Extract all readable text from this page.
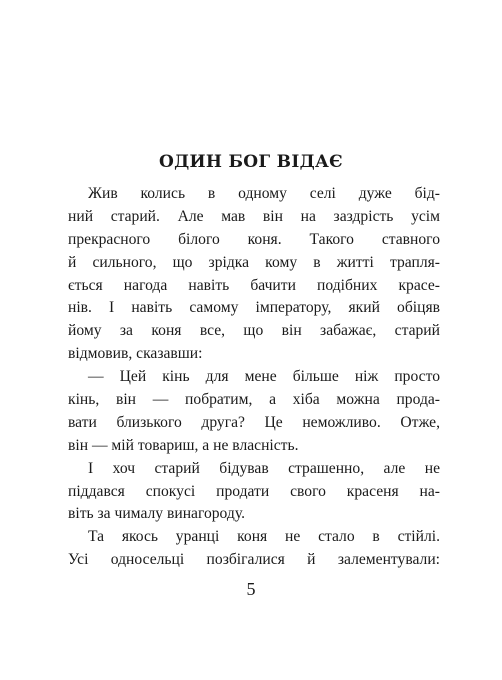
ОДИН БОГ ВІДАЄ
Жив колись в одному селі дуже бід-
ний старий. Але мав він на заздрість усім
прекрасного білого коня. Такого ставного
й сильного, що зрідка кому в житті трапля-
ється нагода навіть бачити подібних красе-
нів. І навіть самому імператору, який обіцяв
йому за коня все, що він забажає, старий
відмовив, сказавши:
— Цей кінь для мене більше ніж просто
кінь, він — побратим, а хіба можна прода-
вати близького друга? Це неможливо. Отже,
він — мій товариш, а не власність.
І хоч старий бідував страшенно, але не
піддався спокусі продати свого красеня на-
віть за чималу винагороду.
Та якось уранці коня не стало в стійлі.
Усі односельці позбігалися й залементували:
5
